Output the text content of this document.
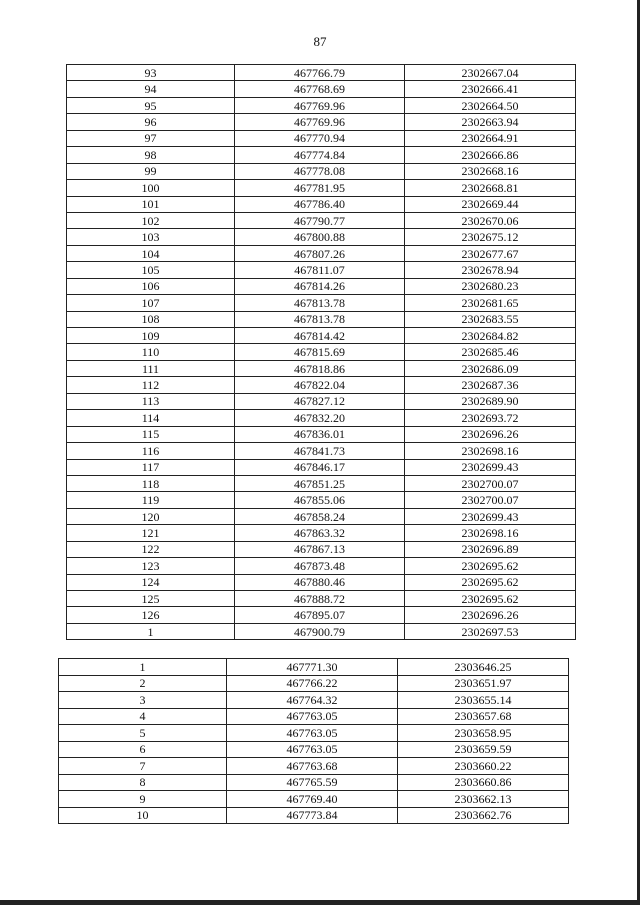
87
93	467766.79	2302667.04
94	467768.69	2302666.41
95	467769.96	2302664.50
96	467769.96	2302663.94
97	467770.94	2302664.91
98	467774.84	2302666.86
99	467778.08	2302668.16
100	467781.95	2302668.81
101	467786.40	2302669.44
102	467790.77	2302670.06
103	467800.88	2302675.12
104	467807.26	2302677.67
105	467811.07	2302678.94
106	467814.26	2302680.23
107	467813.78	2302681.65
108	467813.78	2302683.55
109	467814.42	2302684.82
110	467815.69	2302685.46
111	467818.86	2302686.09
112	467822.04	2302687.36
113	467827.12	2302689.90
114	467832.20	2302693.72
115	467836.01	2302696.26
116	467841.73	2302698.16
117	467846.17	2302699.43
118	467851.25	2302700.07
119	467855.06	2302700.07
120	467858.24	2302699.43
121	467863.32	2302698.16
122	467867.13	2302696.89
123	467873.48	2302695.62
124	467880.46	2302695.62
125	467888.72	2302695.62
126	467895.07	2302696.26
1	467900.79	2302697.53
1	467771.30	2303646.25
2	467766.22	2303651.97
3	467764.32	2303655.14
4	467763.05	2303657.68
5	467763.05	2303658.95
6	467763.05	2303659.59
7	467763.68	2303660.22
8	467765.59	2303660.86
9	467769.40	2303662.13
10	467773.84	2303662.76
